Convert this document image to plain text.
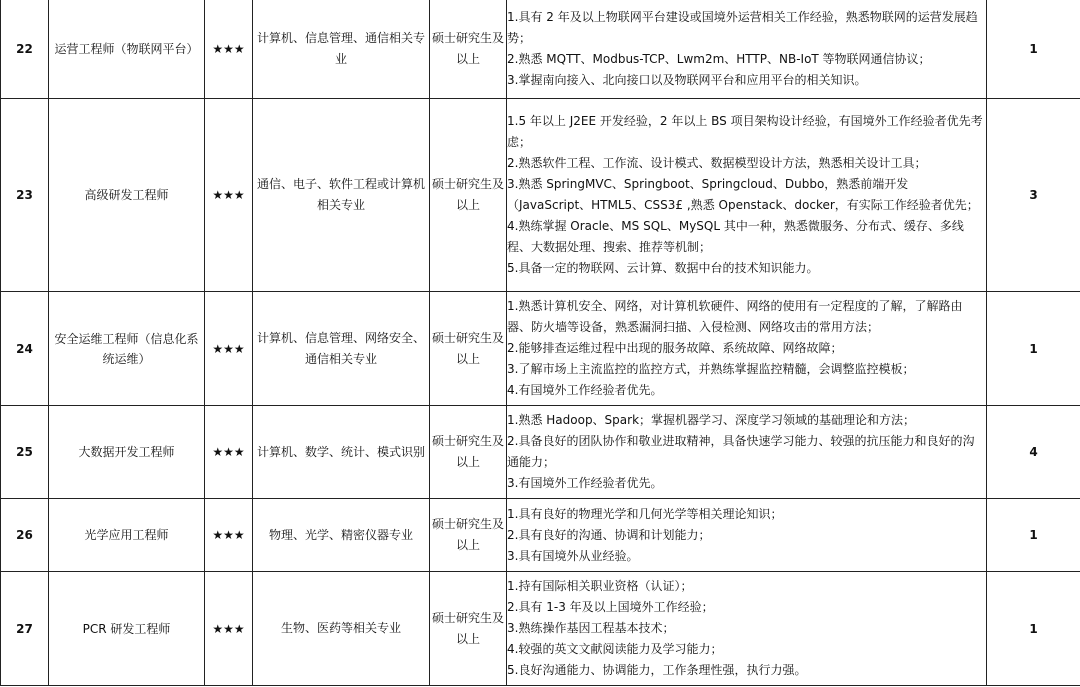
22	运营工程师（物联网平台）	★★★	计算机、信息管理、通信相关专业	硕士研究生及以上	1.具有 2 年及以上物联网平台建设或国境外运营相关工作经验，熟悉物联网的运营发展趋势；
2.熟悉 MQTT、Modbus-TCP、Lwm2m、HTTP、NB-IoT 等物联网通信协议；
3.掌握南向接入、北向接口以及物联网平台和应用平台的相关知识。	1	
23	高级研发工程师	★★★	通信、电子、软件工程或计算机相关专业	硕士研究生及以上	1.5 年以上 J2EE 开发经验，2 年以上 BS 项目架构设计经验，有国境外工作经验者优先考虑；
2.熟悉软件工程、工作流、设计模式、数据模型设计方法，熟悉相关设计工具；
3.熟悉 SpringMVC、Springboot、Springcloud、Dubbo，熟悉前端开发（JavaScript、HTML5、CSS3£ ,熟悉 Openstack、docker，有实际工作经验者优先；
4.熟练掌握 Oracle、MS SQL、MySQL 其中一种，熟悉微服务、分布式、缓存、多线程、大数据处理、搜索、推荐等机制；
5.具备一定的物联网、云计算、数据中台的技术知识能力。	3	
24	安全运维工程师（信息化系统运维）	★★★	计算机、信息管理、网络安全、通信相关专业	硕士研究生及以上	1.熟悉计算机安全、网络，对计算机软硬件、网络的使用有一定程度的了解，了解路由器、防火墙等设备，熟悉漏洞扫描、入侵检测、网络攻击的常用方法；
2.能够排查运维过程中出现的服务故障、系统故障、网络故障；
3.了解市场上主流监控的监控方式，并熟练掌握监控精髓，会调整监控模板；
4.有国境外工作经验者优先。	1	
25	大数据开发工程师	★★★	计算机、数学、统计、模式识别	硕士研究生及以上	1.熟悉 Hadoop、Spark；掌握机器学习、深度学习领域的基础理论和方法；
2.具备良好的团队协作和敬业进取精神，具备快速学习能力、较强的抗压能力和良好的沟通能力；
3.有国境外工作经验者优先。	4	
26	光学应用工程师	★★★	物理、光学、精密仪器专业	硕士研究生及以上	1.具有良好的物理光学和几何光学等相关理论知识；
2.具有良好的沟通、协调和计划能力；
3.具有国境外从业经验。	1	
27	PCR 研发工程师	★★★	生物、医药等相关专业	硕士研究生及以上	1.持有国际相关职业资格（认证）；
2.具有 1-3 年及以上国境外工作经验；
3.熟练操作基因工程基本技术；
4.较强的英文文献阅读能力及学习能力；
5.良好沟通能力、协调能力，工作条理性强，执行力强。	1	
